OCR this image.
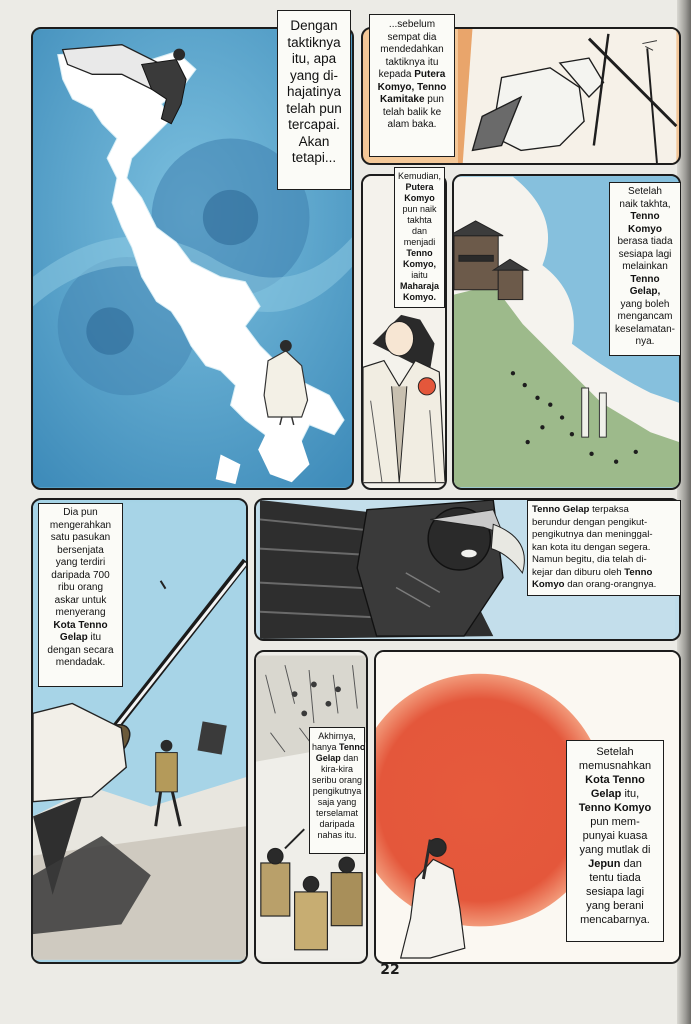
Dengan
taktiknya
itu, apa
yang di-
hajatinya
telah pun
tercapai.
Akan
tetapi...
...sebelum
sempat dia
mendedahkan
taktiknya itu
kepada Putera
Komyo, Tenno
Kamitake pun
telah balik ke
alam baka.
Kemudian,
Putera
Komyo
pun naik
takhta
dan
menjadi
Tenno
Komyo,
iaitu
Maharaja
Komyo.
Setelah
naik takhta,
Tenno
Komyo
berasa tiada
sesiapa lagi
melainkan
Tenno
Gelap,
yang boleh
mengancam
keselamatan-
nya.
Dia pun
mengerahkan
satu pasukan
bersenjata
yang terdiri
daripada 700
ribu orang
askar untuk
menyerang
Kota Tenno
Gelap itu
dengan secara
mendadak.
Tenno Gelap terpaksa
berundur dengan pengikut-
pengikutnya dan meninggal-
kan kota itu dengan segera.
Namun begitu, dia telah di-
kejar dan diburu oleh Tenno
Komyo dan orang-orangnya.
Akhirnya,
hanya Tenno
Gelap dan
kira-kira
seribu orang
pengikutnya
saja yang
terselamat
daripada
nahas itu.
Setelah
memusnahkan
Kota Tenno
Gelap itu,
Tenno Komyo
pun mem-
punyai kuasa
yang mutlak di
Jepun dan
tentu tiada
sesiapa lagi
yang berani
mencabarnya.
22
